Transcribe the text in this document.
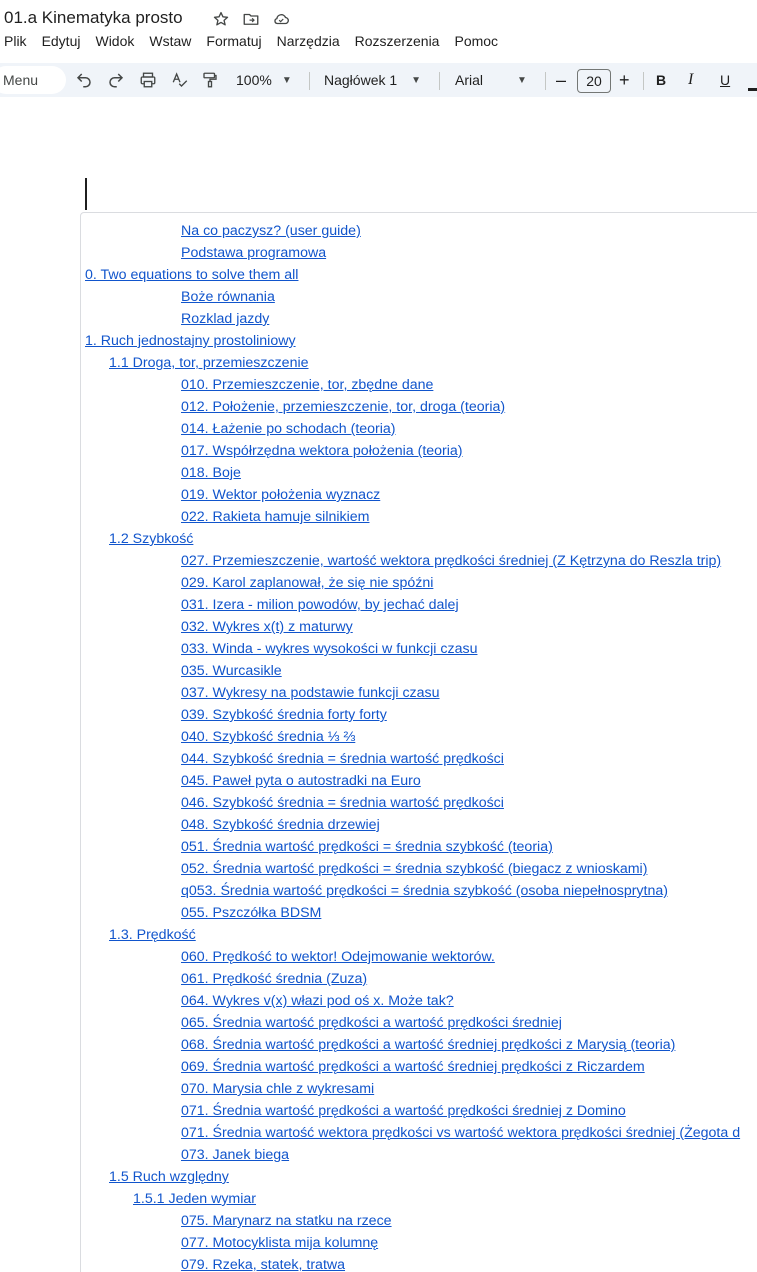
01.a Kinematyka prosto
Plik Edytuj Widok Wstaw Formatuj Narzędzia Rozszerzenia Pomoc
Menu	100% ▼ Nagłówek 1 ▼ Arial	▼ –	20 + B I U
Na co paczysz? (user guide)
Podstawa programowa
0. Two equations to solve them all
Boże równania
Rozklad jazdy
1. Ruch jednostajny prostoliniowy
1.1 Droga, tor, przemieszczenie
010. Przemieszczenie, tor, zbędne dane
012. Położenie, przemieszczenie, tor, droga (teoria)
014. Łażenie po schodach (teoria)
017. Współrzędna wektora położenia (teoria)
018. Boje
019. Wektor położenia wyznacz
022. Rakieta hamuje silnikiem
1.2 Szybkość
027. Przemieszczenie, wartość wektora prędkości średniej (Z Kętrzyna do Reszla trip)
029. Karol zaplanował, że się nie spóźni
031. Izera - milion powodów, by jechać dalej
032. Wykres x(t) z maturwy
033. Winda - wykres wysokości w funkcji czasu
035. Wurcasikle
037. Wykresy na podstawie funkcji czasu
039. Szybkość średnia forty forty
040. Szybkość średnia ⅓ ⅔
044. Szybkość średnia = średnia wartość prędkości
045. Paweł pyta o autostradki na Euro
046. Szybkość średnia = średnia wartość prędkości
048. Szybkość średnia drzewiej
051. Średnia wartość prędkości = średnia szybkość (teoria)
052. Średnia wartość prędkości = średnia szybkość (biegacz z wnioskami)
q053. Średnia wartość prędkości = średnia szybkość (osoba niepełnosprytna)
055. Pszczółka BDSM
1.3. Prędkość
060. Prędkość to wektor! Odejmowanie wektorów.
061. Prędkość średnia (Zuza)
064. Wykres v(x) włazi pod oś x. Może tak?
065. Średnia wartość prędkości a wartość prędkości średniej
068. Średnia wartość prędkości a wartość średniej prędkości z Marysią (teoria)
069. Średnia wartość prędkości a wartość średniej prędkości z Riczardem
070. Marysia chle z wykresami
071. Średnia wartość prędkości a wartość prędkości średniej z Domino
071. Średnia wartość wektora prędkości vs wartość wektora prędkości średniej (Żegota d
073. Janek biega
1.5 Ruch względny
1.5.1 Jeden wymiar
075. Marynarz na statku na rzece
077. Motocyklista mija kolumnę
079. Rzeka, statek, tratwa
